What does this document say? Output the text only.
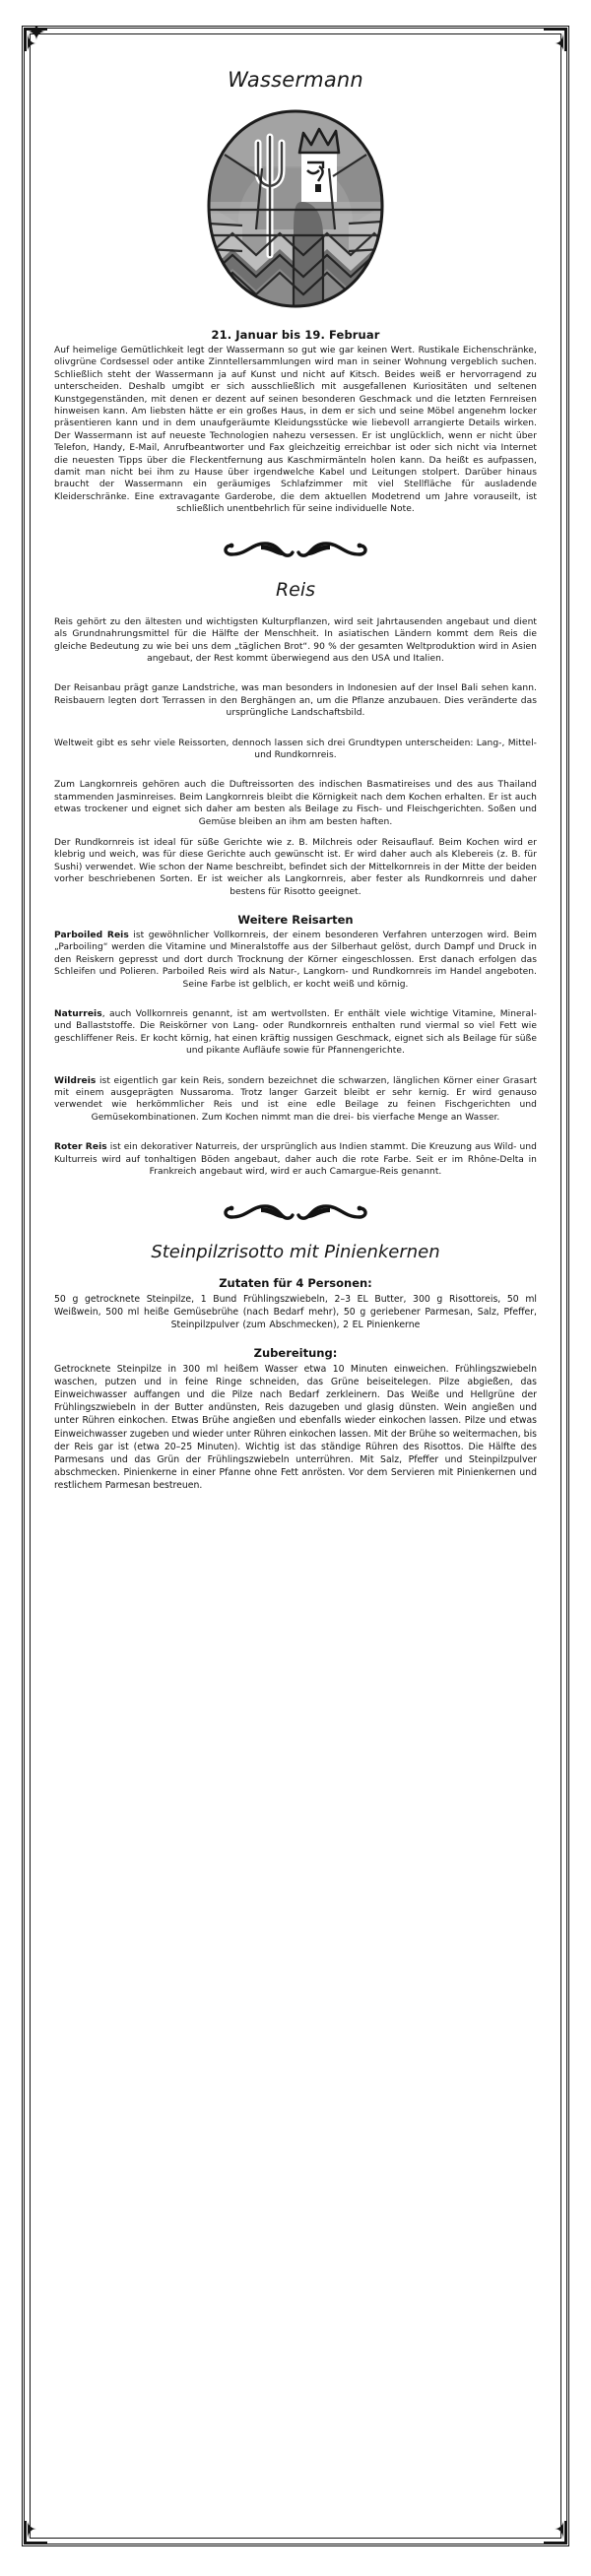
Wassermann
21. Januar bis 19. Februar

Auf heimelige Gemütlichkeit legt der Wassermann so gut wie gar keinen Wert. Rustikale Eichenschränke, olivgrüne Cordsessel oder antike Zinntellersammlungen wird man in seiner Wohnung vergeblich suchen. Schließlich steht der Wassermann ja auf Kunst und nicht auf Kitsch. Beides weiß er hervorragend zu unterscheiden. Deshalb umgibt er sich ausschließlich mit ausgefallenen Kuriositäten und seltenen Kunstgegenständen, mit denen er dezent auf seinen besonderen Geschmack und die letzten Fernreisen hinweisen kann. Am liebsten hätte er ein großes Haus, in dem er sich und seine Möbel angenehm locker präsentieren kann und in dem unaufgeräumte Kleidungsstücke wie liebevoll arrangierte Details wirken. Der Wassermann ist auf neueste Technologien nahezu versessen. Er ist unglücklich, wenn er nicht über Telefon, Handy, E-Mail, Anrufbeantworter und Fax gleichzeitig erreichbar ist oder sich nicht via Internet die neuesten Tipps über die Fleckentfernung aus Kaschmirmänteln holen kann. Da heißt es aufpassen, damit man nicht bei ihm zu Hause über irgendwelche Kabel und Leitungen stolpert. Darüber hinaus braucht der Wassermann ein geräumiges Schlafzimmer mit viel Stellfläche für ausladende Kleiderschränke. Eine extravagante Garderobe, die dem aktuellen Modetrend um Jahre vorauseilt, ist schließlich unentbehrlich für seine individuelle Note.

Reis

Reis gehört zu den ältesten und wichtigsten Kulturpflanzen, wird seit Jahrtausenden angebaut und dient als Grundnahrungsmittel für die Hälfte der Menschheit. In asiatischen Ländern kommt dem Reis die gleiche Bedeutung zu wie bei uns dem „täglichen Brot“. 90 % der gesamten Weltproduktion wird in Asien angebaut, der Rest kommt überwiegend aus den USA und Italien.

Der Reisanbau prägt ganze Landstriche, was man besonders in Indonesien auf der Insel Bali sehen kann. Reisbauern legten dort Terrassen in den Berghängen an, um die Pflanze anzubauen. Dies veränderte das ursprüngliche Landschaftsbild.

Weltweit gibt es sehr viele Reissorten, dennoch lassen sich drei Grundtypen unterscheiden: Lang-, Mittel- und Rundkornreis.

Zum Langkornreis gehören auch die Duftreissorten des indischen Basmatireises und des aus Thailand stammenden Jasminreises. Beim Langkornreis bleibt die Körnigkeit nach dem Kochen erhalten. Er ist auch etwas trockener und eignet sich daher am besten als Beilage zu Fisch- und Fleischgerichten. Soßen und Gemüse bleiben an ihm am besten haften.

Der Rundkornreis ist ideal für süße Gerichte wie z. B. Milchreis oder Reisauflauf. Beim Kochen wird er klebrig und weich, was für diese Gerichte auch gewünscht ist. Er wird daher auch als Klebereis (z. B. für Sushi) verwendet. Wie schon der Name beschreibt, befindet sich der Mittelkornreis in der Mitte der beiden vorher beschriebenen Sorten. Er ist weicher als Langkornreis, aber fester als Rundkornreis und daher bestens für Risotto geeignet.

Weitere Reisarten

Parboiled Reis ist gewöhnlicher Vollkornreis, der einem besonderen Verfahren unterzogen wird. Beim „Parboiling“ werden die Vitamine und Mineralstoffe aus der Silberhaut gelöst, durch Dampf und Druck in den Reiskern gepresst und dort durch Trocknung der Körner eingeschlossen. Erst danach erfolgen das Schleifen und Polieren. Parboiled Reis wird als Natur-, Langkorn- und Rundkornreis im Handel angeboten. Seine Farbe ist gelblich, er kocht weiß und körnig.

Naturreis, auch Vollkornreis genannt, ist am wertvollsten. Er enthält viele wichtige Vitamine, Mineral- und Ballaststoffe. Die Reiskörner von Lang- oder Rundkornreis enthalten rund viermal so viel Fett wie geschliffener Reis. Er kocht körnig, hat einen kräftig nussigen Geschmack, eignet sich als Beilage für süße und pikante Aufläufe sowie für Pfannengerichte.

Wildreis ist eigentlich gar kein Reis, sondern bezeichnet die schwarzen, länglichen Körner einer Grasart mit einem ausgeprägten Nussaroma. Trotz langer Garzeit bleibt er sehr kernig. Er wird genauso verwendet wie herkömmlicher Reis und ist eine edle Beilage zu feinen Fischgerichten und Gemüsekombinationen. Zum Kochen nimmt man die drei- bis vierfache Menge an Wasser.

Roter Reis ist ein dekorativer Naturreis, der ursprünglich aus Indien stammt. Die Kreuzung aus Wild- und Kulturreis wird auf tonhaltigen Böden angebaut, daher auch die rote Farbe. Seit er im Rhône-Delta in Frankreich angebaut wird, wird er auch Camargue-Reis genannt.

Steinpilzrisotto mit Pinienkernen
Zutaten für 4 Personen:

50 g getrocknete Steinpilze, 1 Bund Frühlingszwiebeln, 2–3 EL Butter, 300 g Risottoreis, 50 ml Weißwein, 500 ml heiße Gemüsebrühe (nach Bedarf mehr), 50 g geriebener Parmesan, Salz, Pfeffer, Steinpilzpulver (zum Abschmecken), 2 EL Pinienkerne

Zubereitung:

Getrocknete Steinpilze in 300 ml heißem Wasser etwa 10 Minuten einweichen. Frühlingszwiebeln waschen, putzen und in feine Ringe schneiden, das Grüne beiseitelegen. Pilze abgießen, das Einweichwasser auffangen und die Pilze nach Bedarf zerkleinern. Das Weiße und Hellgrüne der Frühlingszwiebeln in der Butter andünsten, Reis dazugeben und glasig dünsten. Wein angießen und unter Rühren einkochen. Etwas Brühe angießen und ebenfalls wieder einkochen lassen. Pilze und etwas Einweichwasser zugeben und wieder unter Rühren einkochen lassen. Mit der Brühe so weitermachen, bis der Reis gar ist (etwa 20–25 Minuten). Wichtig ist das ständige Rühren des Risottos. Die Hälfte des Parmesans und das Grün der Frühlingszwiebeln unterrühren. Mit Salz, Pfeffer und Steinpilzpulver abschmecken. Pinienkerne in einer Pfanne ohne Fett anrösten. Vor dem Servieren mit Pinienkernen und restlichem Parmesan bestreuen.
